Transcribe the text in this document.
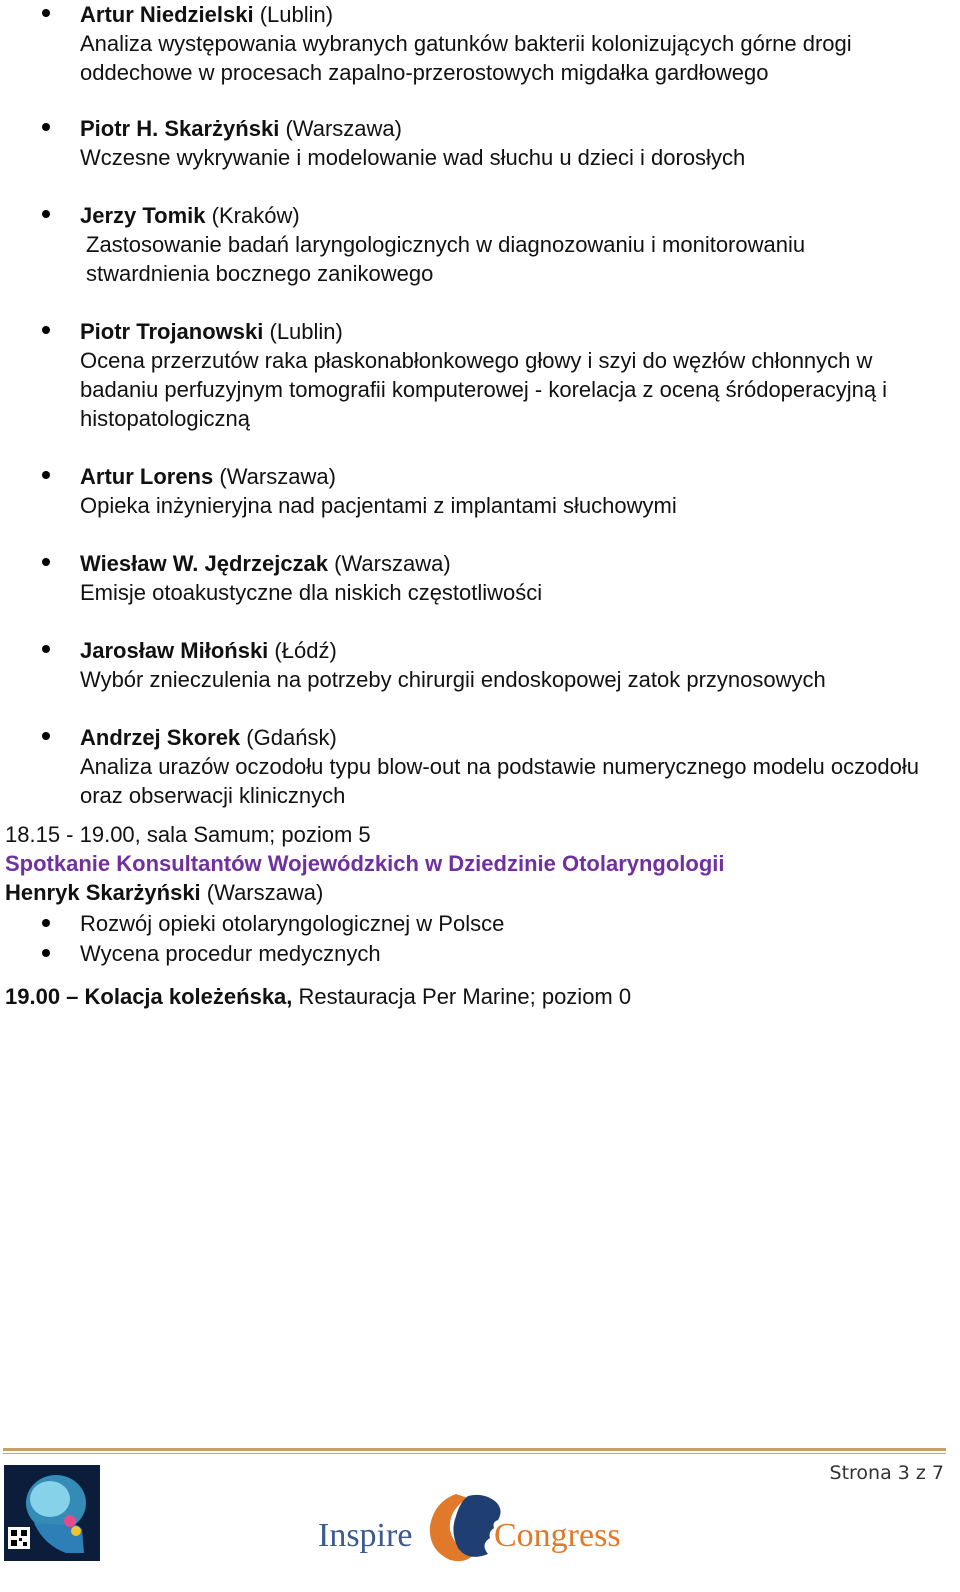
Artur Niedzielski (Lublin)
Analiza występowania wybranych gatunków bakterii kolonizujących górne drogi oddechowe w procesach zapalno-przerostowych migdałka gardłowego
Piotr H. Skarżyński (Warszawa)
Wczesne wykrywanie i modelowanie wad słuchu u dzieci i dorosłych
Jerzy Tomik (Kraków)
Zastosowanie badań laryngologicznych w diagnozowaniu i monitorowaniu stwardnienia bocznego zanikowego
Piotr Trojanowski (Lublin)
Ocena przerzutów raka płaskonabłonkowego głowy i szyi do węzłów chłonnych w badaniu perfuzyjnym tomografii komputerowej - korelacja z oceną śródoperacyjną i histopatologiczną
Artur Lorens (Warszawa)
Opieka inżynieryjna nad pacjentami z implantami słuchowymi
Wiesław W. Jędrzejczak (Warszawa)
Emisje otoakustyczne dla niskich częstotliwości
Jarosław Miłoński (Łódź)
Wybór znieczulenia na potrzeby chirurgii endoskopowej zatok przynosowych
Andrzej Skorek (Gdańsk)
Analiza urazów oczodołu typu blow-out na podstawie numerycznego modelu oczodołu oraz obserwacji klinicznych
18.15 - 19.00, sala Samum; poziom 5
Spotkanie Konsultantów Wojewódzkich w Dziedzinie Otolaryngologii
Henryk Skarżyński (Warszawa)
Rozwój opieki otolaryngologicznej w Polsce
Wycena procedur medycznych
19.00 – Kolacja koleżeńska, Restauracja Per Marine; poziom 0
Strona 3 z 7
Inspire Congress
